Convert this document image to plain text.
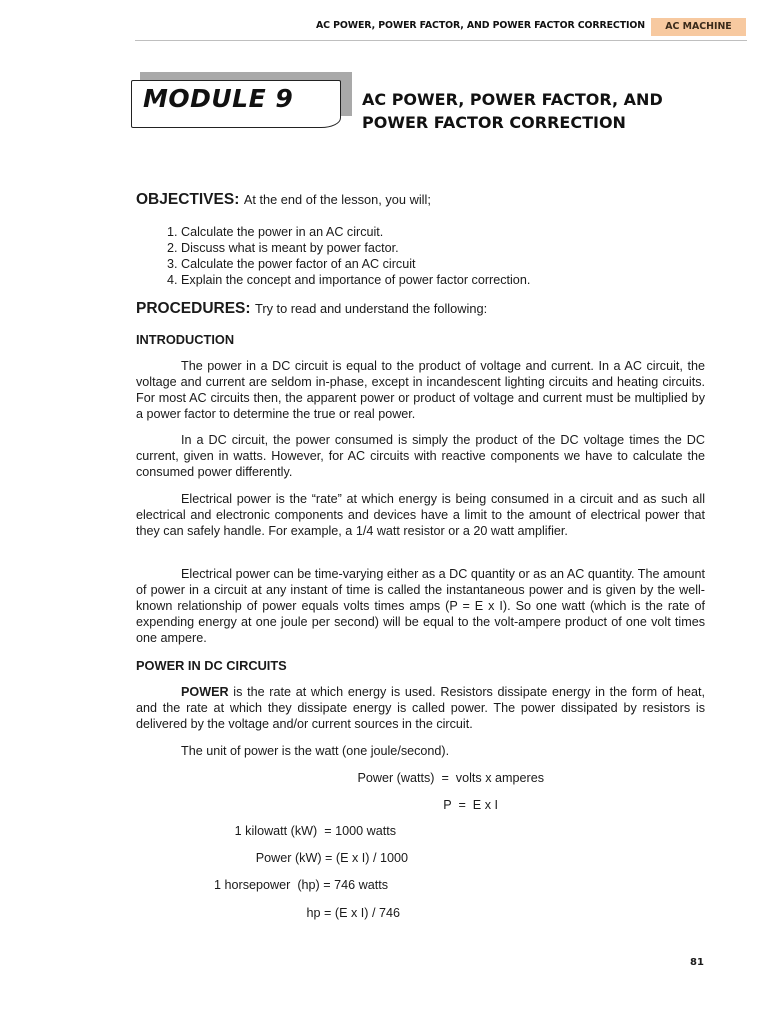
AC POWER, POWER FACTOR, AND POWER FACTOR CORRECTION	AC MACHINE
MODULE 9	AC POWER, POWER FACTOR, AND
POWER FACTOR CORRECTION
OBJECTIVES: At the end of the lesson, you will;
1. Calculate the power in an AC circuit.
2. Discuss what is meant by power factor.
3. Calculate the power factor of an AC circuit
4. Explain the concept and importance of power factor correction.
PROCEDURES: Try to read and understand the following:
INTRODUCTION
The power in a DC circuit is equal to the product of voltage and current. In a AC circuit, the voltage and current are seldom in-phase, except in incandescent lighting circuits and heating circuits. For most AC circuits then, the apparent power or product of voltage and current must be multiplied by a power factor to determine the true or real power.
In a DC circuit, the power consumed is simply the product of the DC voltage times the DC current, given in watts. However, for AC circuits with reactive components we have to calculate the consumed power differently.
Electrical power is the “rate” at which energy is being consumed in a circuit and as such all electrical and electronic components and devices have a limit to the amount of electrical power that they can safely handle. For example, a 1/4 watt resistor or a 20 watt amplifier.
Electrical power can be time-varying either as a DC quantity or as an AC quantity. The amount of power in a circuit at any instant of time is called the instantaneous power and is given by the well-known relationship of power equals volts times amps (P = E x I). So one watt (which is the rate of expending energy at one joule per second) will be equal to the volt-ampere product of one volt times one ampere.
POWER IN DC CIRCUITS
POWER is the rate at which energy is used. Resistors dissipate energy in the form of heat, and the rate at which they dissipate energy is called power. The power dissipated by resistors is delivered by the voltage and/or current sources in the circuit.
The unit of power is the watt (one joule/second).
Power (watts)  =  volts x amperes
P  =  E x I
1 kilowatt (kW)  = 1000 watts
Power (kW) = (E x I) / 1000
1 horsepower  (hp) = 746 watts
hp = (E x I) / 746
81
